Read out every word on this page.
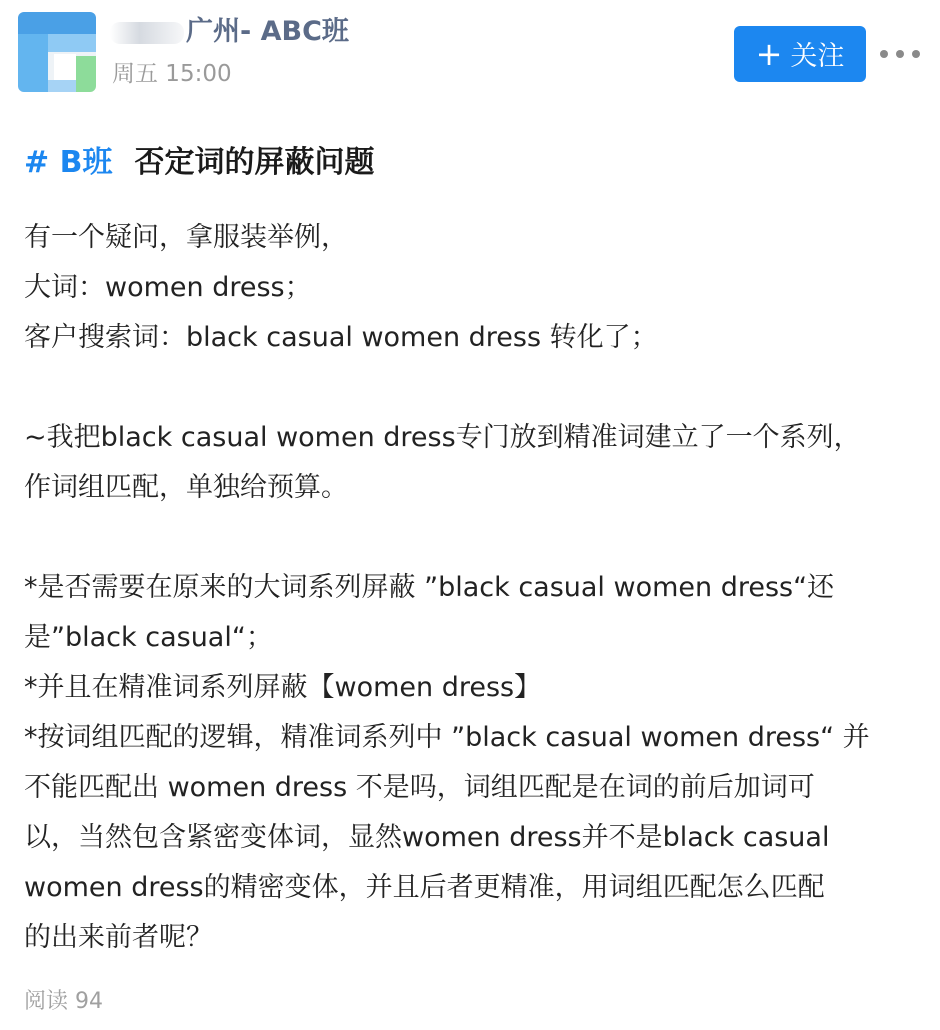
广州- ABC班
周五 15:00
+ 关注
# B班 否定词的屏蔽问题
有一个疑问，拿服装举例，
大词：women dress；
客户搜索词：black casual women dress 转化了；
~我把black casual women dress专门放到精准词建立了一个系列，
作词组匹配，单独给预算。
*是否需要在原来的大词系列屏蔽 ”black casual women dress“还
是”black casual“；
*并且在精准词系列屏蔽【women dress】
*按词组匹配的逻辑，精准词系列中 ”black casual women dress“ 并
不能匹配出 women dress 不是吗，词组匹配是在词的前后加词可
以，当然包含紧密变体词，显然women dress并不是black casual
women dress的精密变体，并且后者更精准，用词组匹配怎么匹配
的出来前者呢？
阅读 94
